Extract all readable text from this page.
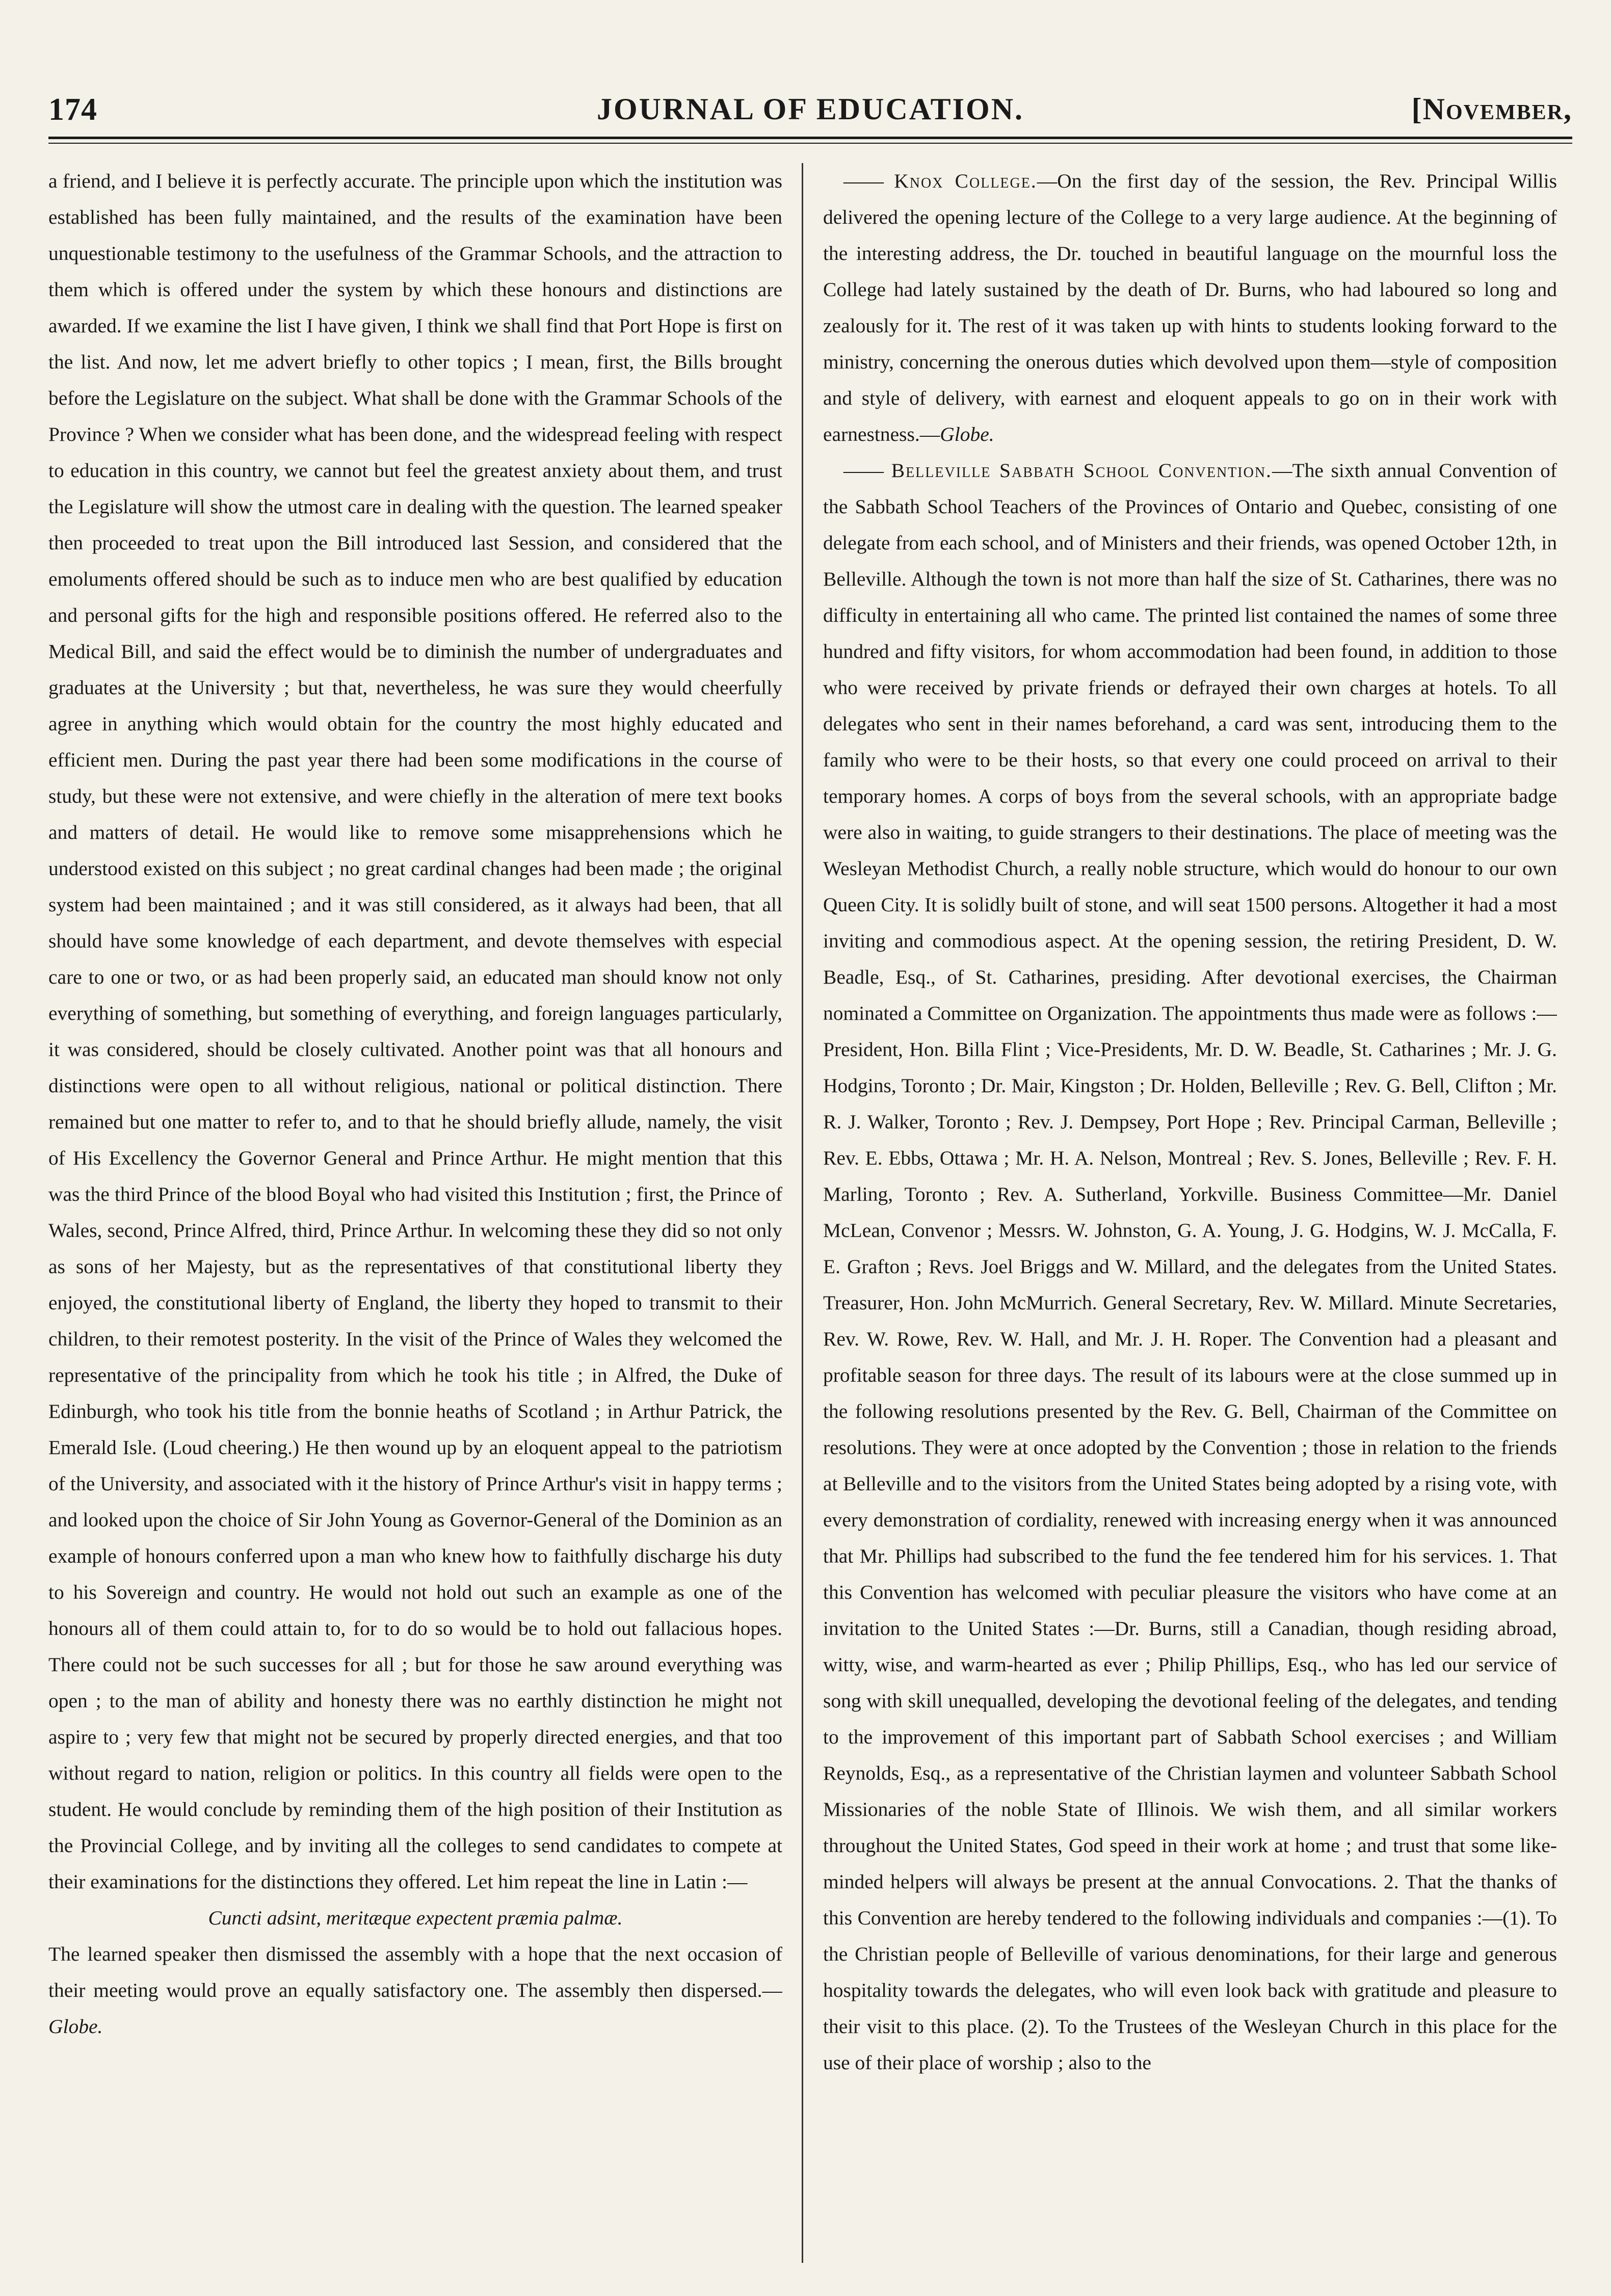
174	JOURNAL OF EDUCATION.	[November,

a friend, and I believe it is perfectly accurate. The principle upon which the institution was established has been fully maintained, and the results of the examination have been unquestionable testimony to the usefulness of the Grammar Schools, and the attraction to them which is offered under the system by which these honours and distinctions are awarded. If we examine the list I have given, I think we shall find that Port Hope is first on the list. And now, let me advert briefly to other topics ; I mean, first, the Bills brought before the Legislature on the subject. What shall be done with the Grammar Schools of the Province ? When we consider what has been done, and the widespread feeling with respect to education in this country, we cannot but feel the greatest anxiety about them, and trust the Legislature will show the utmost care in dealing with the question. The learned speaker then proceeded to treat upon the Bill introduced last Session, and considered that the emoluments offered should be such as to induce men who are best qualified by education and personal gifts for the high and responsible positions offered. He referred also to the Medical Bill, and said the effect would be to diminish the number of undergraduates and graduates at the University ; but that, nevertheless, he was sure they would cheerfully agree in anything which would obtain for the country the most highly educated and efficient men. During the past year there had been some modifications in the course of study, but these were not extensive, and were chiefly in the alteration of mere text books and matters of detail. He would like to remove some misapprehensions which he understood existed on this subject ; no great cardinal changes had been made ; the original system had been maintained ; and it was still considered, as it always had been, that all should have some knowledge of each department, and devote themselves with especial care to one or two, or as had been properly said, an educated man should know not only everything of something, but something of everything, and foreign languages particularly, it was considered, should be closely cultivated. Another point was that all honours and distinctions were open to all without religious, national or political distinction. There remained but one matter to refer to, and to that he should briefly allude, namely, the visit of His Excellency the Governor General and Prince Arthur. He might mention that this was the third Prince of the blood Boyal who had visited this Institution ; first, the Prince of Wales, second, Prince Alfred, third, Prince Arthur. In welcoming these they did so not only as sons of her Majesty, but as the representatives of that constitutional liberty they enjoyed, the constitutional liberty of England, the liberty they hoped to transmit to their children, to their remotest posterity. In the visit of the Prince of Wales they welcomed the representative of the principality from which he took his title ; in Alfred, the Duke of Edinburgh, who took his title from the bonnie heaths of Scotland ; in Arthur Patrick, the Emerald Isle. (Loud cheering.) He then wound up by an eloquent appeal to the patriotism of the University, and associated with it the history of Prince Arthur's visit in happy terms ; and looked upon the choice of Sir John Young as Governor-General of the Dominion as an example of honours conferred upon a man who knew how to faithfully discharge his duty to his Sovereign and country. He would not hold out such an example as one of the honours all of them could attain to, for to do so would be to hold out fallacious hopes. There could not be such successes for all ; but for those he saw around everything was open ; to the man of ability and honesty there was no earthly distinction he might not aspire to ; very few that might not be secured by properly directed energies, and that too without regard to nation, religion or politics. In this country all fields were open to the student. He would conclude by reminding them of the high position of their Institution as the Provincial College, and by inviting all the colleges to send candidates to compete at their examinations for the distinctions they offered. Let him repeat the line in Latin :—

Cuncti adsint, meritæque expectent præmia palmæ.

The learned speaker then dismissed the assembly with a hope that the next occasion of their meeting would prove an equally satisfactory one. The assembly then dispersed.—Globe.

—— Knox College.—On the first day of the session, the Rev. Principal Willis delivered the opening lecture of the College to a very large audience. At the beginning of the interesting address, the Dr. touched in beautiful language on the mournful loss the College had lately sustained by the death of Dr. Burns, who had laboured so long and zealously for it. The rest of it was taken up with hints to students looking forward to the ministry, concerning the onerous duties which devolved upon them—style of composition and style of delivery, with earnest and eloquent appeals to go on in their work with earnestness.—Globe.

—— Belleville Sabbath School Convention.—The sixth annual Convention of the Sabbath School Teachers of the Provinces of Ontario and Quebec, consisting of one delegate from each school, and of Ministers and their friends, was opened October 12th, in Belleville. Although the town is not more than half the size of St. Catharines, there was no difficulty in entertaining all who came. The printed list contained the names of some three hundred and fifty visitors, for whom accommodation had been found, in addition to those who were received by private friends or defrayed their own charges at hotels. To all delegates who sent in their names beforehand, a card was sent, introducing them to the family who were to be their hosts, so that every one could proceed on arrival to their temporary homes. A corps of boys from the several schools, with an appropriate badge were also in waiting, to guide strangers to their destinations. The place of meeting was the Wesleyan Methodist Church, a really noble structure, which would do honour to our own Queen City. It is solidly built of stone, and will seat 1500 persons. Altogether it had a most inviting and commodious aspect. At the opening session, the retiring President, D. W. Beadle, Esq., of St. Catharines, presiding. After devotional exercises, the Chairman nominated a Committee on Organization. The appointments thus made were as follows :—President, Hon. Billa Flint ; Vice-Presidents, Mr. D. W. Beadle, St. Catharines ; Mr. J. G. Hodgins, Toronto ; Dr. Mair, Kingston ; Dr. Holden, Belleville ; Rev. G. Bell, Clifton ; Mr. R. J. Walker, Toronto ; Rev. J. Dempsey, Port Hope ; Rev. Principal Carman, Belleville ; Rev. E. Ebbs, Ottawa ; Mr. H. A. Nelson, Montreal ; Rev. S. Jones, Belleville ; Rev. F. H. Marling, Toronto ; Rev. A. Sutherland, Yorkville. Business Committee—Mr. Daniel McLean, Convenor ; Messrs. W. Johnston, G. A. Young, J. G. Hodgins, W. J. McCalla, F. E. Grafton ; Revs. Joel Briggs and W. Millard, and the delegates from the United States. Treasurer, Hon. John McMurrich. General Secretary, Rev. W. Millard. Minute Secretaries, Rev. W. Rowe, Rev. W. Hall, and Mr. J. H. Roper. The Convention had a pleasant and profitable season for three days. The result of its labours were at the close summed up in the following resolutions presented by the Rev. G. Bell, Chairman of the Committee on resolutions. They were at once adopted by the Convention ; those in relation to the friends at Belleville and to the visitors from the United States being adopted by a rising vote, with every demonstration of cordiality, renewed with increasing energy when it was announced that Mr. Phillips had subscribed to the fund the fee tendered him for his services. 1. That this Convention has welcomed with peculiar pleasure the visitors who have come at an invitation to the United States :—Dr. Burns, still a Canadian, though residing abroad, witty, wise, and warm-hearted as ever ; Philip Phillips, Esq., who has led our service of song with skill unequalled, developing the devotional feeling of the delegates, and tending to the improvement of this important part of Sabbath School exercises ; and William Reynolds, Esq., as a representative of the Christian laymen and volunteer Sabbath School Missionaries of the noble State of Illinois. We wish them, and all similar workers throughout the United States, God speed in their work at home ; and trust that some like-minded helpers will always be present at the annual Convocations. 2. That the thanks of this Convention are hereby tendered to the following individuals and companies :—(1). To the Christian people of Belleville of various denominations, for their large and generous hospitality towards the delegates, who will even look back with gratitude and pleasure to their visit to this place. (2). To the Trustees of the Wesleyan Church in this place for the use of their place of worship ; also to the
